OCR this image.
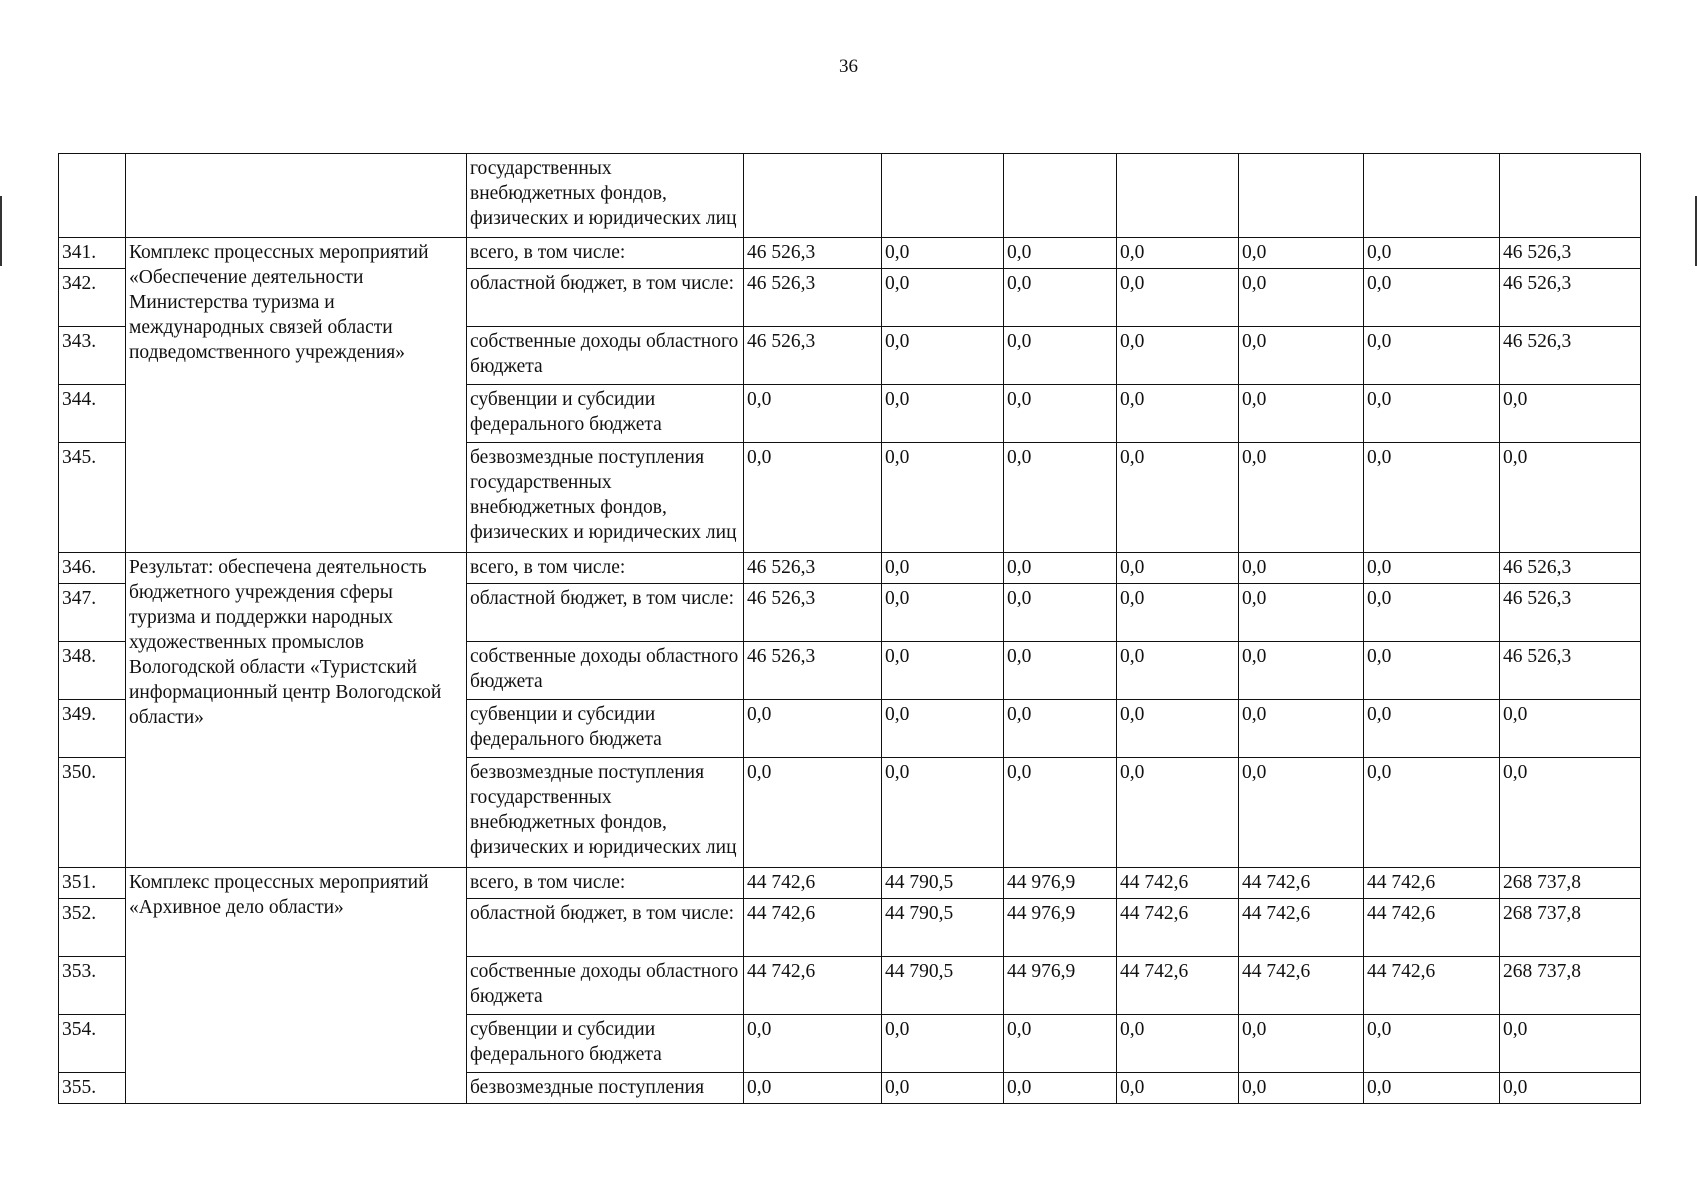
36
		государственных внебюджетных фондов, физических и юридических лиц							
341.	Комплекс процессных мероприятий «Обеспечение деятельности Министерства туризма и международных связей области подведомственного учреждения»	всего, в том числе:	46 526,3	0,0	0,0	0,0	0,0	0,0	46 526,3
342.		областной бюджет, в том числе:	46 526,3	0,0	0,0	0,0	0,0	0,0	46 526,3
343.		собственные доходы областного бюджета	46 526,3	0,0	0,0	0,0	0,0	0,0	46 526,3
344.		субвенции и субсидии федерального бюджета	0,0	0,0	0,0	0,0	0,0	0,0	0,0
345.		безвозмездные поступления государственных внебюджетных фондов, физических и юридических лиц	0,0	0,0	0,0	0,0	0,0	0,0	0,0
346.	Результат: обеспечена деятельность бюджетного учреждения сферы туризма и поддержки народных художественных промыслов Вологодской области «Туристский информационный центр Вологодской области»	всего, в том числе:	46 526,3	0,0	0,0	0,0	0,0	0,0	46 526,3
347.		областной бюджет, в том числе:	46 526,3	0,0	0,0	0,0	0,0	0,0	46 526,3
348.		собственные доходы областного бюджета	46 526,3	0,0	0,0	0,0	0,0	0,0	46 526,3
349.		субвенции и субсидии федерального бюджета	0,0	0,0	0,0	0,0	0,0	0,0	0,0
350.		безвозмездные поступления государственных внебюджетных фондов, физических и юридических лиц	0,0	0,0	0,0	0,0	0,0	0,0	0,0
351.	Комплекс процессных мероприятий «Архивное дело области»	всего, в том числе:	44 742,6	44 790,5	44 976,9	44 742,6	44 742,6	44 742,6	268 737,8
352.		областной бюджет, в том числе:	44 742,6	44 790,5	44 976,9	44 742,6	44 742,6	44 742,6	268 737,8
353.		собственные доходы областного бюджета	44 742,6	44 790,5	44 976,9	44 742,6	44 742,6	44 742,6	268 737,8
354.		субвенции и субсидии федерального бюджета	0,0	0,0	0,0	0,0	0,0	0,0	0,0
355.		безвозмездные поступления	0,0	0,0	0,0	0,0	0,0	0,0	0,0
